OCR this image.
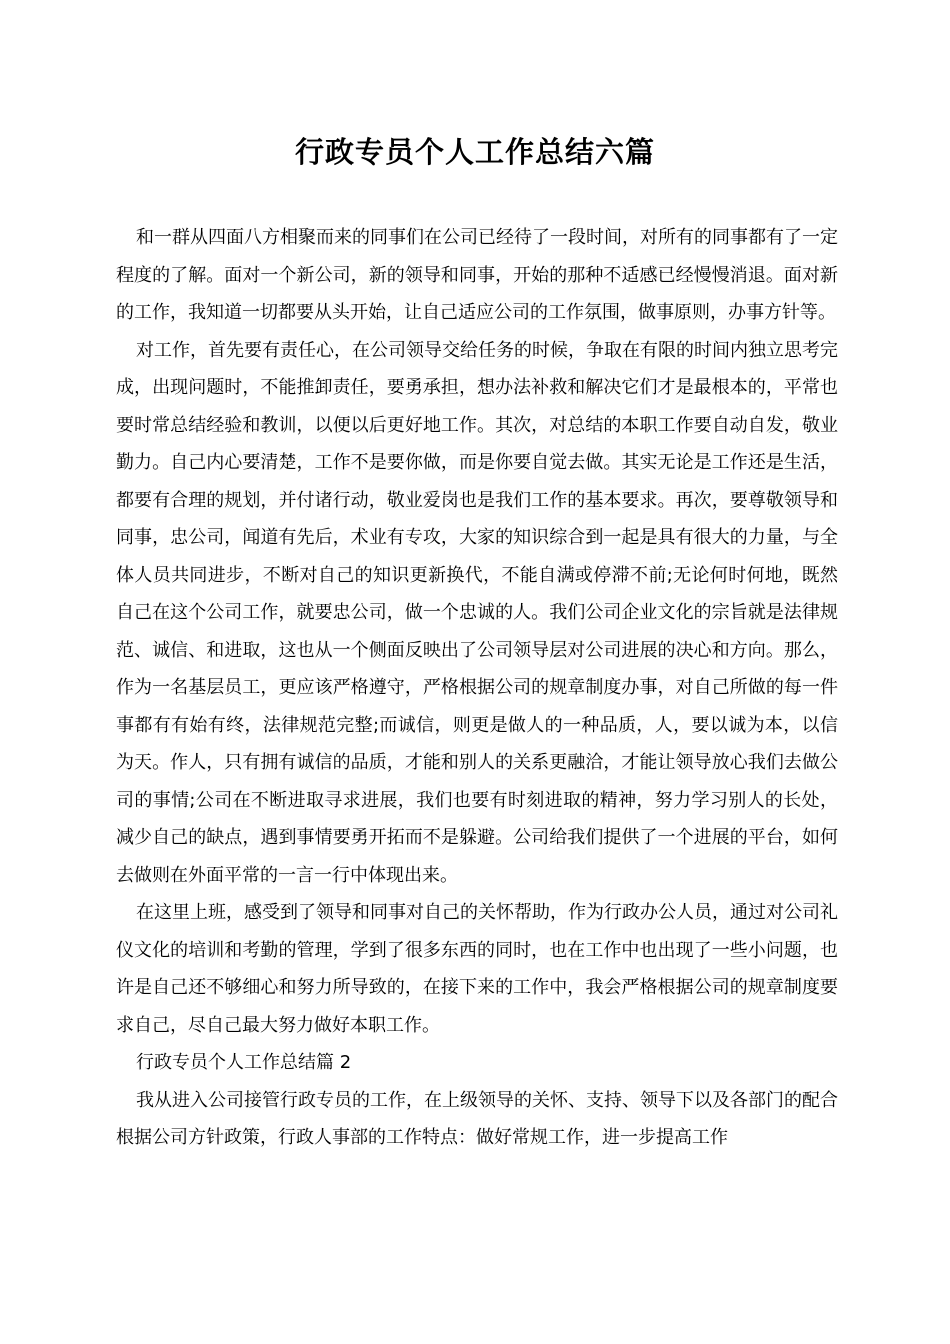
行政专员个人工作总结六篇

和一群从四面八方相聚而来的同事们在公司已经待了一段时间，对所有的同事都有了一定程度的了解。面对一个新公司，新的领导和同事，开始的那种不适感已经慢慢消退。面对新的工作，我知道一切都要从头开始，让自己适应公司的工作氛围，做事原则，办事方针等。

对工作，首先要有责任心，在公司领导交给任务的时候，争取在有限的时间内独立思考完成，出现问题时，不能推卸责任，要勇承担，想办法补救和解决它们才是最根本的，平常也要时常总结经验和教训，以便以后更好地工作。其次，对总结的本职工作要自动自发，敬业勤力。自己内心要清楚，工作不是要你做，而是你要自觉去做。其实无论是工作还是生活，都要有合理的规划，并付诸行动，敬业爱岗也是我们工作的基本要求。再次，要尊敬领导和同事，忠公司，闻道有先后，术业有专攻，大家的知识综合到一起是具有很大的力量，与全体人员共同进步，不断对自己的知识更新换代，不能自满或停滞不前;无论何时何地，既然自己在这个公司工作，就要忠公司，做一个忠诚的人。我们公司企业文化的宗旨就是法律规范、诚信、和进取，这也从一个侧面反映出了公司领导层对公司进展的决心和方向。那么，作为一名基层员工，更应该严格遵守，严格根据公司的规章制度办事，对自己所做的每一件事都有有始有终，法律规范完整;而诚信，则更是做人的一种品质，人，要以诚为本，以信为天。作人，只有拥有诚信的品质，才能和别人的关系更融洽，才能让领导放心我们去做公司的事情;公司在不断进取寻求进展，我们也要有时刻进取的精神，努力学习别人的长处，减少自己的缺点，遇到事情要勇开拓而不是躲避。公司给我们提供了一个进展的平台，如何去做则在外面平常的一言一行中体现出来。

在这里上班，感受到了领导和同事对自己的关怀帮助，作为行政办公人员，通过对公司礼仪文化的培训和考勤的管理，学到了很多东西的同时，也在工作中也出现了一些小问题，也许是自己还不够细心和努力所导致的，在接下来的工作中，我会严格根据公司的规章制度要求自己，尽自己最大努力做好本职工作。

行政专员个人工作总结篇 2

我从进入公司接管行政专员的工作，在上级领导的关怀、支持、领导下以及各部门的配合根据公司方针政策，行政人事部的工作特点：做好常规工作，进一步提高工作
